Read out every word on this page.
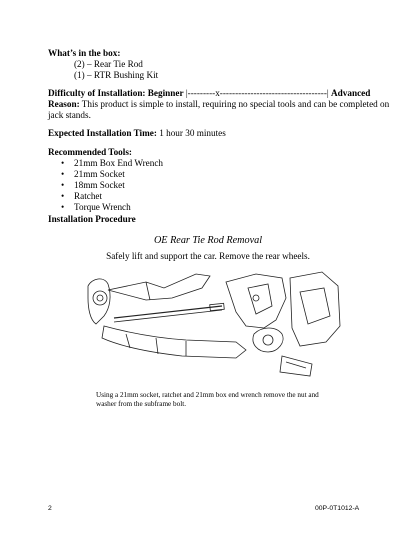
What’s in the box:
(2) – Rear Tie Rod
(1) – RTR Bushing Kit
Difficulty of Installation: Beginner |---------x-----------------------------------| Advanced
Reason: This product is simple to install, requiring no special tools and can be completed on
jack stands.
Expected Installation Time: 1 hour 30 minutes
Recommended Tools:
• 21mm Box End Wrench
• 21mm Socket
• 18mm Socket
• Ratchet
• Torque Wrench
Installation Procedure
OE Rear Tie Rod Removal
Safely lift and support the car. Remove the rear wheels.
Using a 21mm socket, ratchet and 21mm box end wrench remove the nut and washer from the subframe bolt.
2	00P-0T1012-A
